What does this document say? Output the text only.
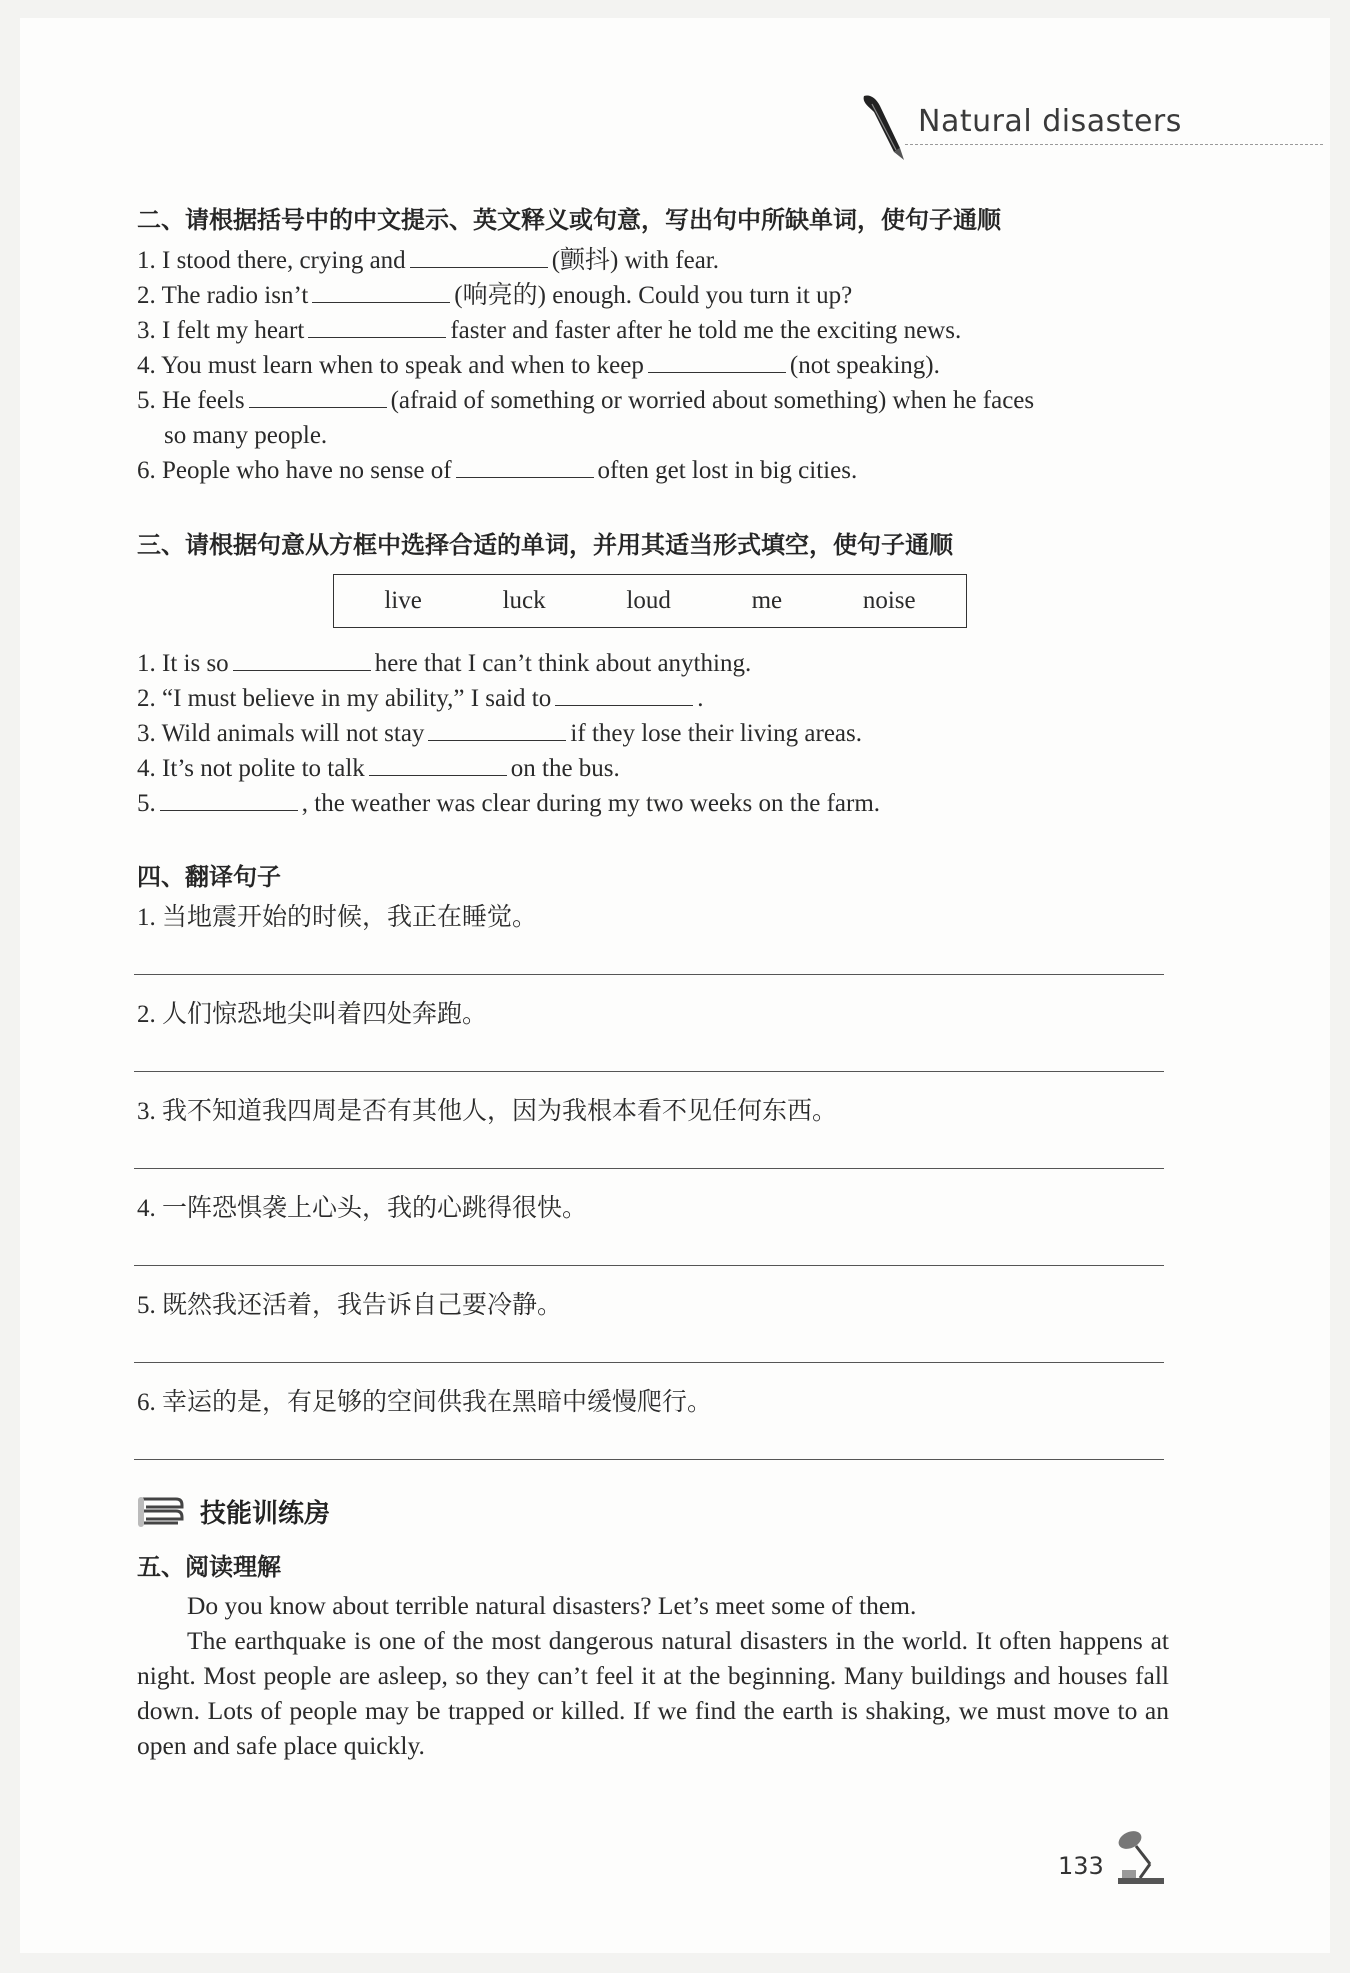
Natural disasters
二、请根据括号中的中文提示、英文释义或句意，写出句中所缺单词，使句子通顺
1. I stood there, crying and	(颤抖) with fear.
2. The radio isn’t	(响亮的) enough. Could you turn it up?
3. I felt my heart	faster and faster after he told me the exciting news.
4. You must learn when to speak and when to keep	(not speaking).
5. He feels	(afraid of something or worried about something) when he faces
so many people.
6. People who have no sense of	often get lost in big cities.
三、请根据句意从方框中选择合适的单词，并用其适当形式填空，使句子通顺
live	luck	loud	me	noise
1. It is so	here that I can’t think about anything.
2. “I must believe in my ability,” I said to	.
3. Wild animals will not stay	if they lose their living areas.
4. It’s not polite to talk	on the bus.
5.	, the weather was clear during my two weeks on the farm.
四、翻译句子
1. 当地震开始的时候，我正在睡觉。
2. 人们惊恐地尖叫着四处奔跑。
3. 我不知道我四周是否有其他人，因为我根本看不见任何东西。
4. 一阵恐惧袭上心头，我的心跳得很快。
5. 既然我还活着，我告诉自己要冷静。
6. 幸运的是，有足够的空间供我在黑暗中缓慢爬行。
技能训练房
五、阅读理解
Do you know about terrible natural disasters? Let’s meet some of them.
The earthquake is one of the most dangerous natural disasters in the world. It often happens at night. Most people are asleep, so they can’t feel it at the beginning. Many buildings and houses fall down. Lots of people may be trapped or killed. If we find the earth is shaking, we must move to an open and safe place quickly.
133
